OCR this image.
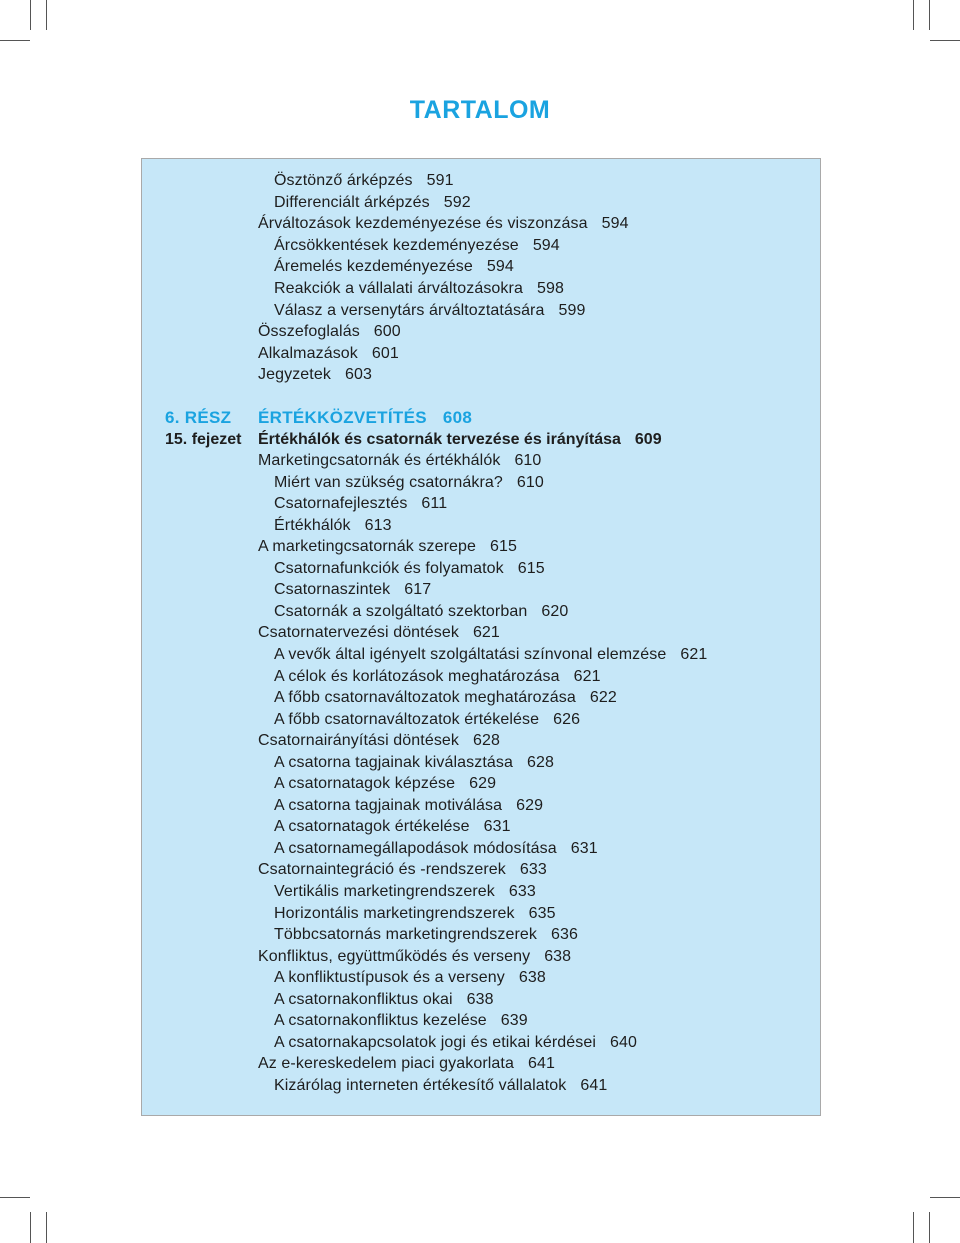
TARTALOM
Ösztönző árképzés 591
Differenciált árképzés 592
Árváltozások kezdeményezése és viszonzása 594
Árcsökkentések kezdeményezése 594
Áremelés kezdeményezése 594
Reakciók a vállalati árváltozásokra 598
Válasz a versenytárs árváltoztatására 599
Összefoglalás 600
Alkalmazások 601
Jegyzetek 603
6. RÉSZ ÉRTÉKKÖZVETÍTÉS 608
15. fejezet Értékhálók és csatornák tervezése és irányítása 609
Marketingcsatornák és értékhálók 610
Miért van szükség csatornákra? 610
Csatornafejlesztés 611
Értékhálók 613
A marketingcsatornák szerepe 615
Csatornafunkciók és folyamatok 615
Csatornaszintek 617
Csatornák a szolgáltató szektorban 620
Csatornatervezési döntések 621
A vevők által igényelt szolgáltatási színvonal elemzése 621
A célok és korlátozások meghatározása 621
A főbb csatornaváltozatok meghatározása 622
A főbb csatornaváltozatok értékelése 626
Csatornairányítási döntések 628
A csatorna tagjainak kiválasztása 628
A csatornatagok képzése 629
A csatorna tagjainak motiválása 629
A csatornatagok értékelése 631
A csatornamegállapodások módosítása 631
Csatornaintegráció és -rendszerek 633
Vertikális marketingrendszerek 633
Horizontális marketingrendszerek 635
Többcsatornás marketingrendszerek 636
Konfliktus, együttműködés és verseny 638
A konfliktustípusok és a verseny 638
A csatornakonfliktus okai 638
A csatornakonfliktus kezelése 639
A csatornakapcsolatok jogi és etikai kérdései 640
Az e-kereskedelem piaci gyakorlata 641
Kizárólag interneten értékesítő vállalatok 641
